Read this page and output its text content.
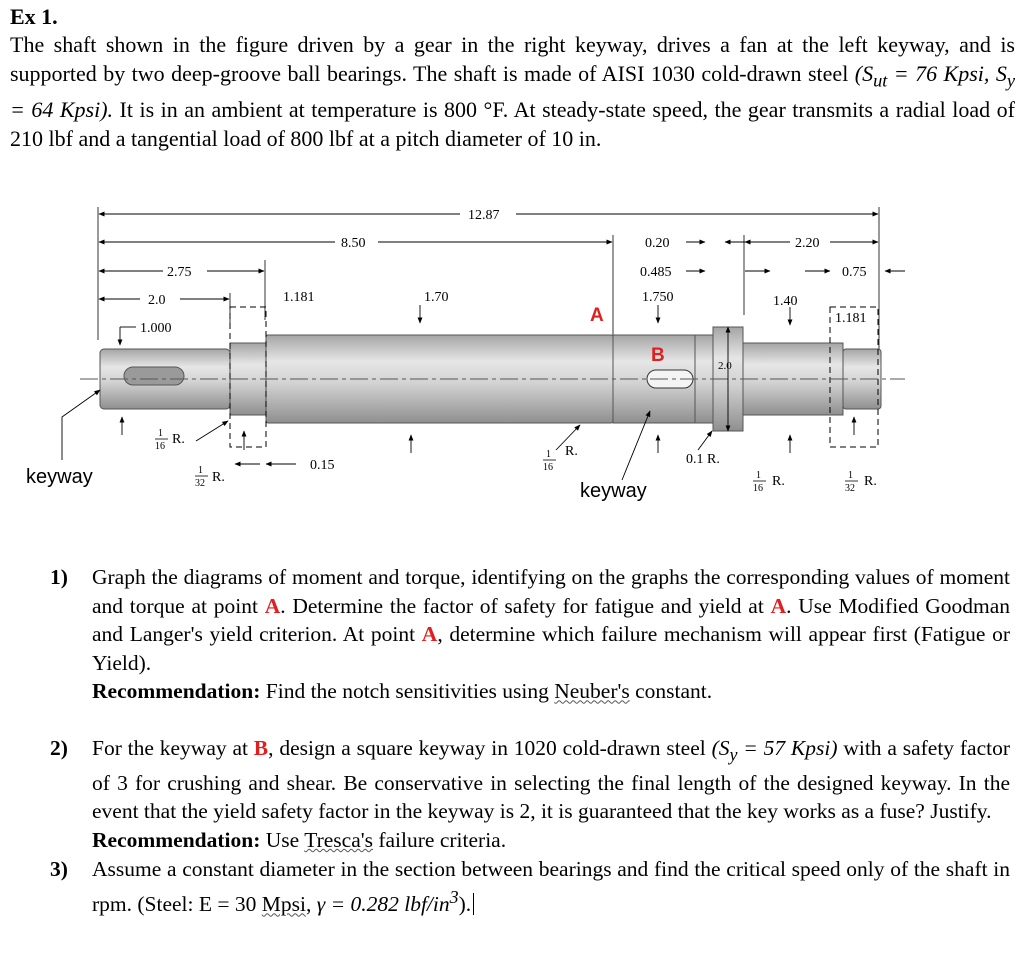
Ex 1.
The shaft shown in the figure driven by a gear in the right keyway, drives a fan at the left keyway, and is supported by two deep-groove ball bearings. The shaft is made of AISI 1030 cold-drawn steel ($S_{ut} = 76$ Kpsi, $S_y = 64$ Kpsi). It is in an ambient at temperature is 800 °F. At steady-state speed, the gear transmits a radial load of 210 lbf and a tangential load of 800 lbf at a pitch diameter of 10 in.
12.87
8.50	0.20	2.20
2.75	0.485	0.75
2.0	1.181	1.70	1.750	1.40
1.181
1.000
2.0
0.15	0.1 R.
1
16 R.
1
32 R.
1
16
R.
1
16 R.	1
32 R.
A
B
keyway
keyway
1)	Graph the diagrams of moment and torque, identifying on the graphs the corresponding values of moment and torque at point A. Determine the factor of safety for fatigue and yield at A. Use Modified Goodman and Langer's yield criterion. At point A, determine which failure mechanism will appear first (Fatigue or Yield).
Recommendation: Find the notch sensitivities using Neuber's constant.
2)	For the keyway at B, design a square keyway in 1020 cold-drawn steel ($S_y = 57$ Kpsi) with a safety factor of 3 for crushing and shear. Be conservative in selecting the final length of the designed keyway. In the event that the yield safety factor in the keyway is 2, it is guaranteed that the key works as a fuse? Justify.
Recommendation: Use Tresca's failure criteria.
3)	Assume a constant diameter in the section between bearings and find the critical speed only of the shaft in rpm. (Steel: E = 30 Mpsi, γ = 0.282 lbf/$in^3$).
